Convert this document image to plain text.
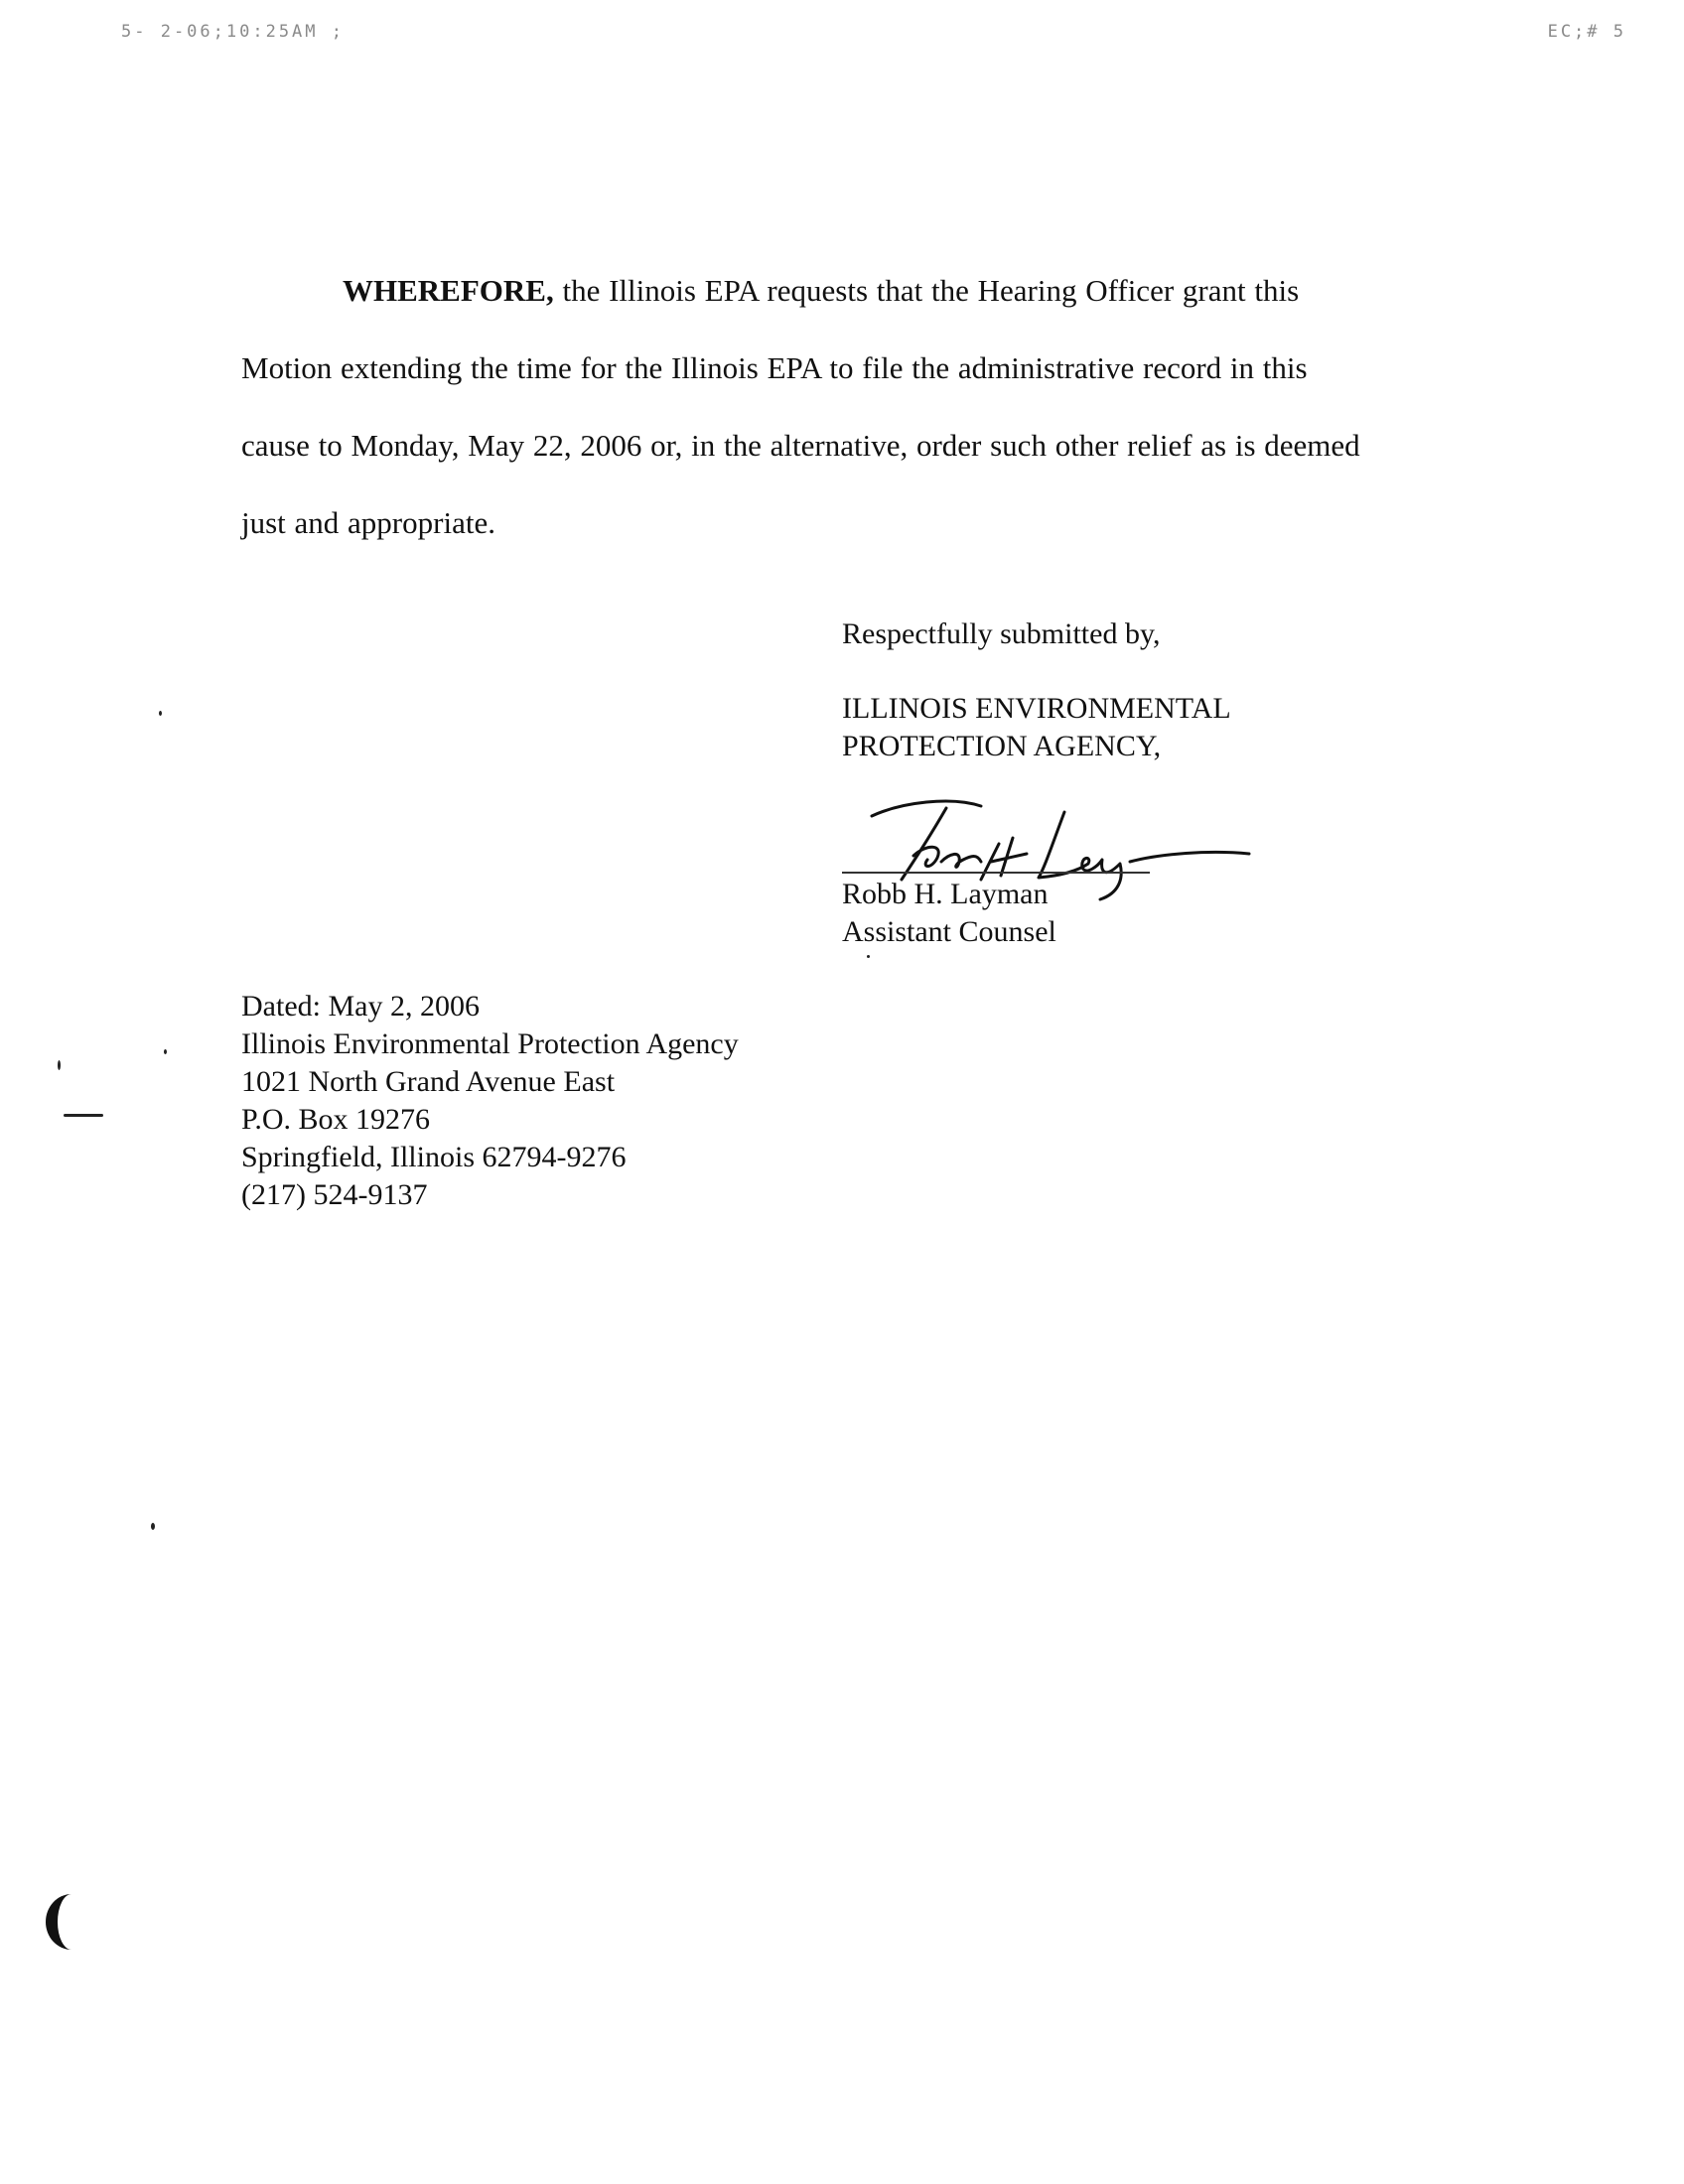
5- 2-06;10:25AM ;	EC;# 5
WHEREFORE, the Illinois EPA requests that the Hearing Officer grant this
Motion extending the time for the Illinois EPA to file the administrative record in this
cause to Monday, May 22, 2006 or, in the alternative, order such other relief as is deemed
just and appropriate.
Respectfully submitted by,
ILLINOIS ENVIRONMENTAL
PROTECTION AGENCY,
Robb H. Layman
Assistant Counsel
Dated: May 2, 2006
Illinois Environmental Protection Agency
1021 North Grand Avenue East
P.O. Box 19276
Springfield, Illinois 62794-9276
(217) 524-9137
